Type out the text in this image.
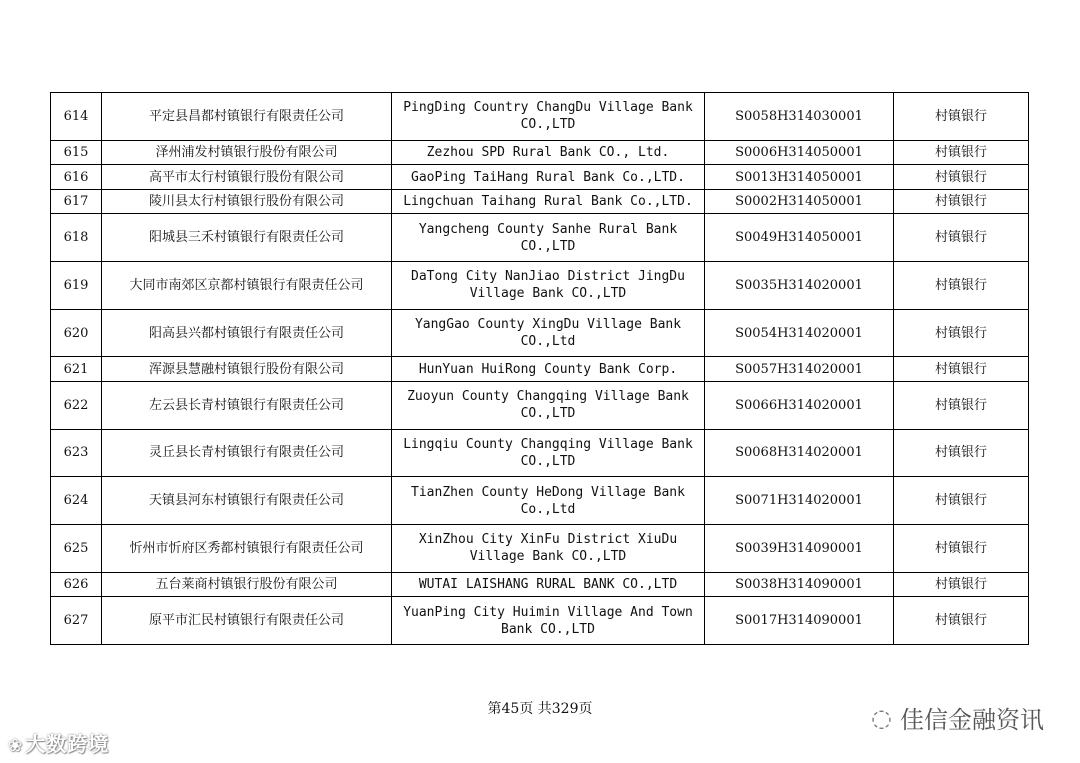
614	平定县昌都村镇银行有限责任公司	PingDing Country ChangDu Village Bank CO.,LTD	S0058H314030001	村镇银行
615	泽州浦发村镇银行股份有限公司	Zezhou SPD Rural Bank CO., Ltd.	S0006H314050001	村镇银行
616	高平市太行村镇银行股份有限公司	GaoPing TaiHang Rural Bank Co.,LTD.	S0013H314050001	村镇银行
617	陵川县太行村镇银行股份有限公司	Lingchuan Taihang Rural Bank Co.,LTD.	S0002H314050001	村镇银行
618	阳城县三禾村镇银行有限责任公司	Yangcheng County Sanhe Rural Bank CO.,LTD	S0049H314050001	村镇银行
619	大同市南郊区京都村镇银行有限责任公司	DaTong City NanJiao District JingDu Village Bank CO.,LTD	S0035H314020001	村镇银行
620	阳高县兴都村镇银行有限责任公司	YangGao County XingDu Village Bank CO.,Ltd	S0054H314020001	村镇银行
621	浑源县慧融村镇银行股份有限公司	HunYuan HuiRong County Bank Corp.	S0057H314020001	村镇银行
622	左云县长青村镇银行有限责任公司	Zuoyun County Changqing Village Bank CO.,LTD	S0066H314020001	村镇银行
623	灵丘县长青村镇银行有限责任公司	Lingqiu County Changqing Village Bank CO.,LTD	S0068H314020001	村镇银行
624	天镇县河东村镇银行有限责任公司	TianZhen County HeDong Village Bank Co.,Ltd	S0071H314020001	村镇银行
625	忻州市忻府区秀都村镇银行有限责任公司	XinZhou City XinFu District XiuDu Village Bank CO.,LTD	S0039H314090001	村镇银行
626	五台莱商村镇银行股份有限公司	WUTAI LAISHANG RURAL BANK CO.,LTD	S0038H314090001	村镇银行
627	原平市汇民村镇银行有限责任公司	YuanPing City Huimin Village And Town Bank CO.,LTD	S0017H314090001	村镇银行
第45页 共329页
❀ 大数跨境
◌ 佳信金融资讯
